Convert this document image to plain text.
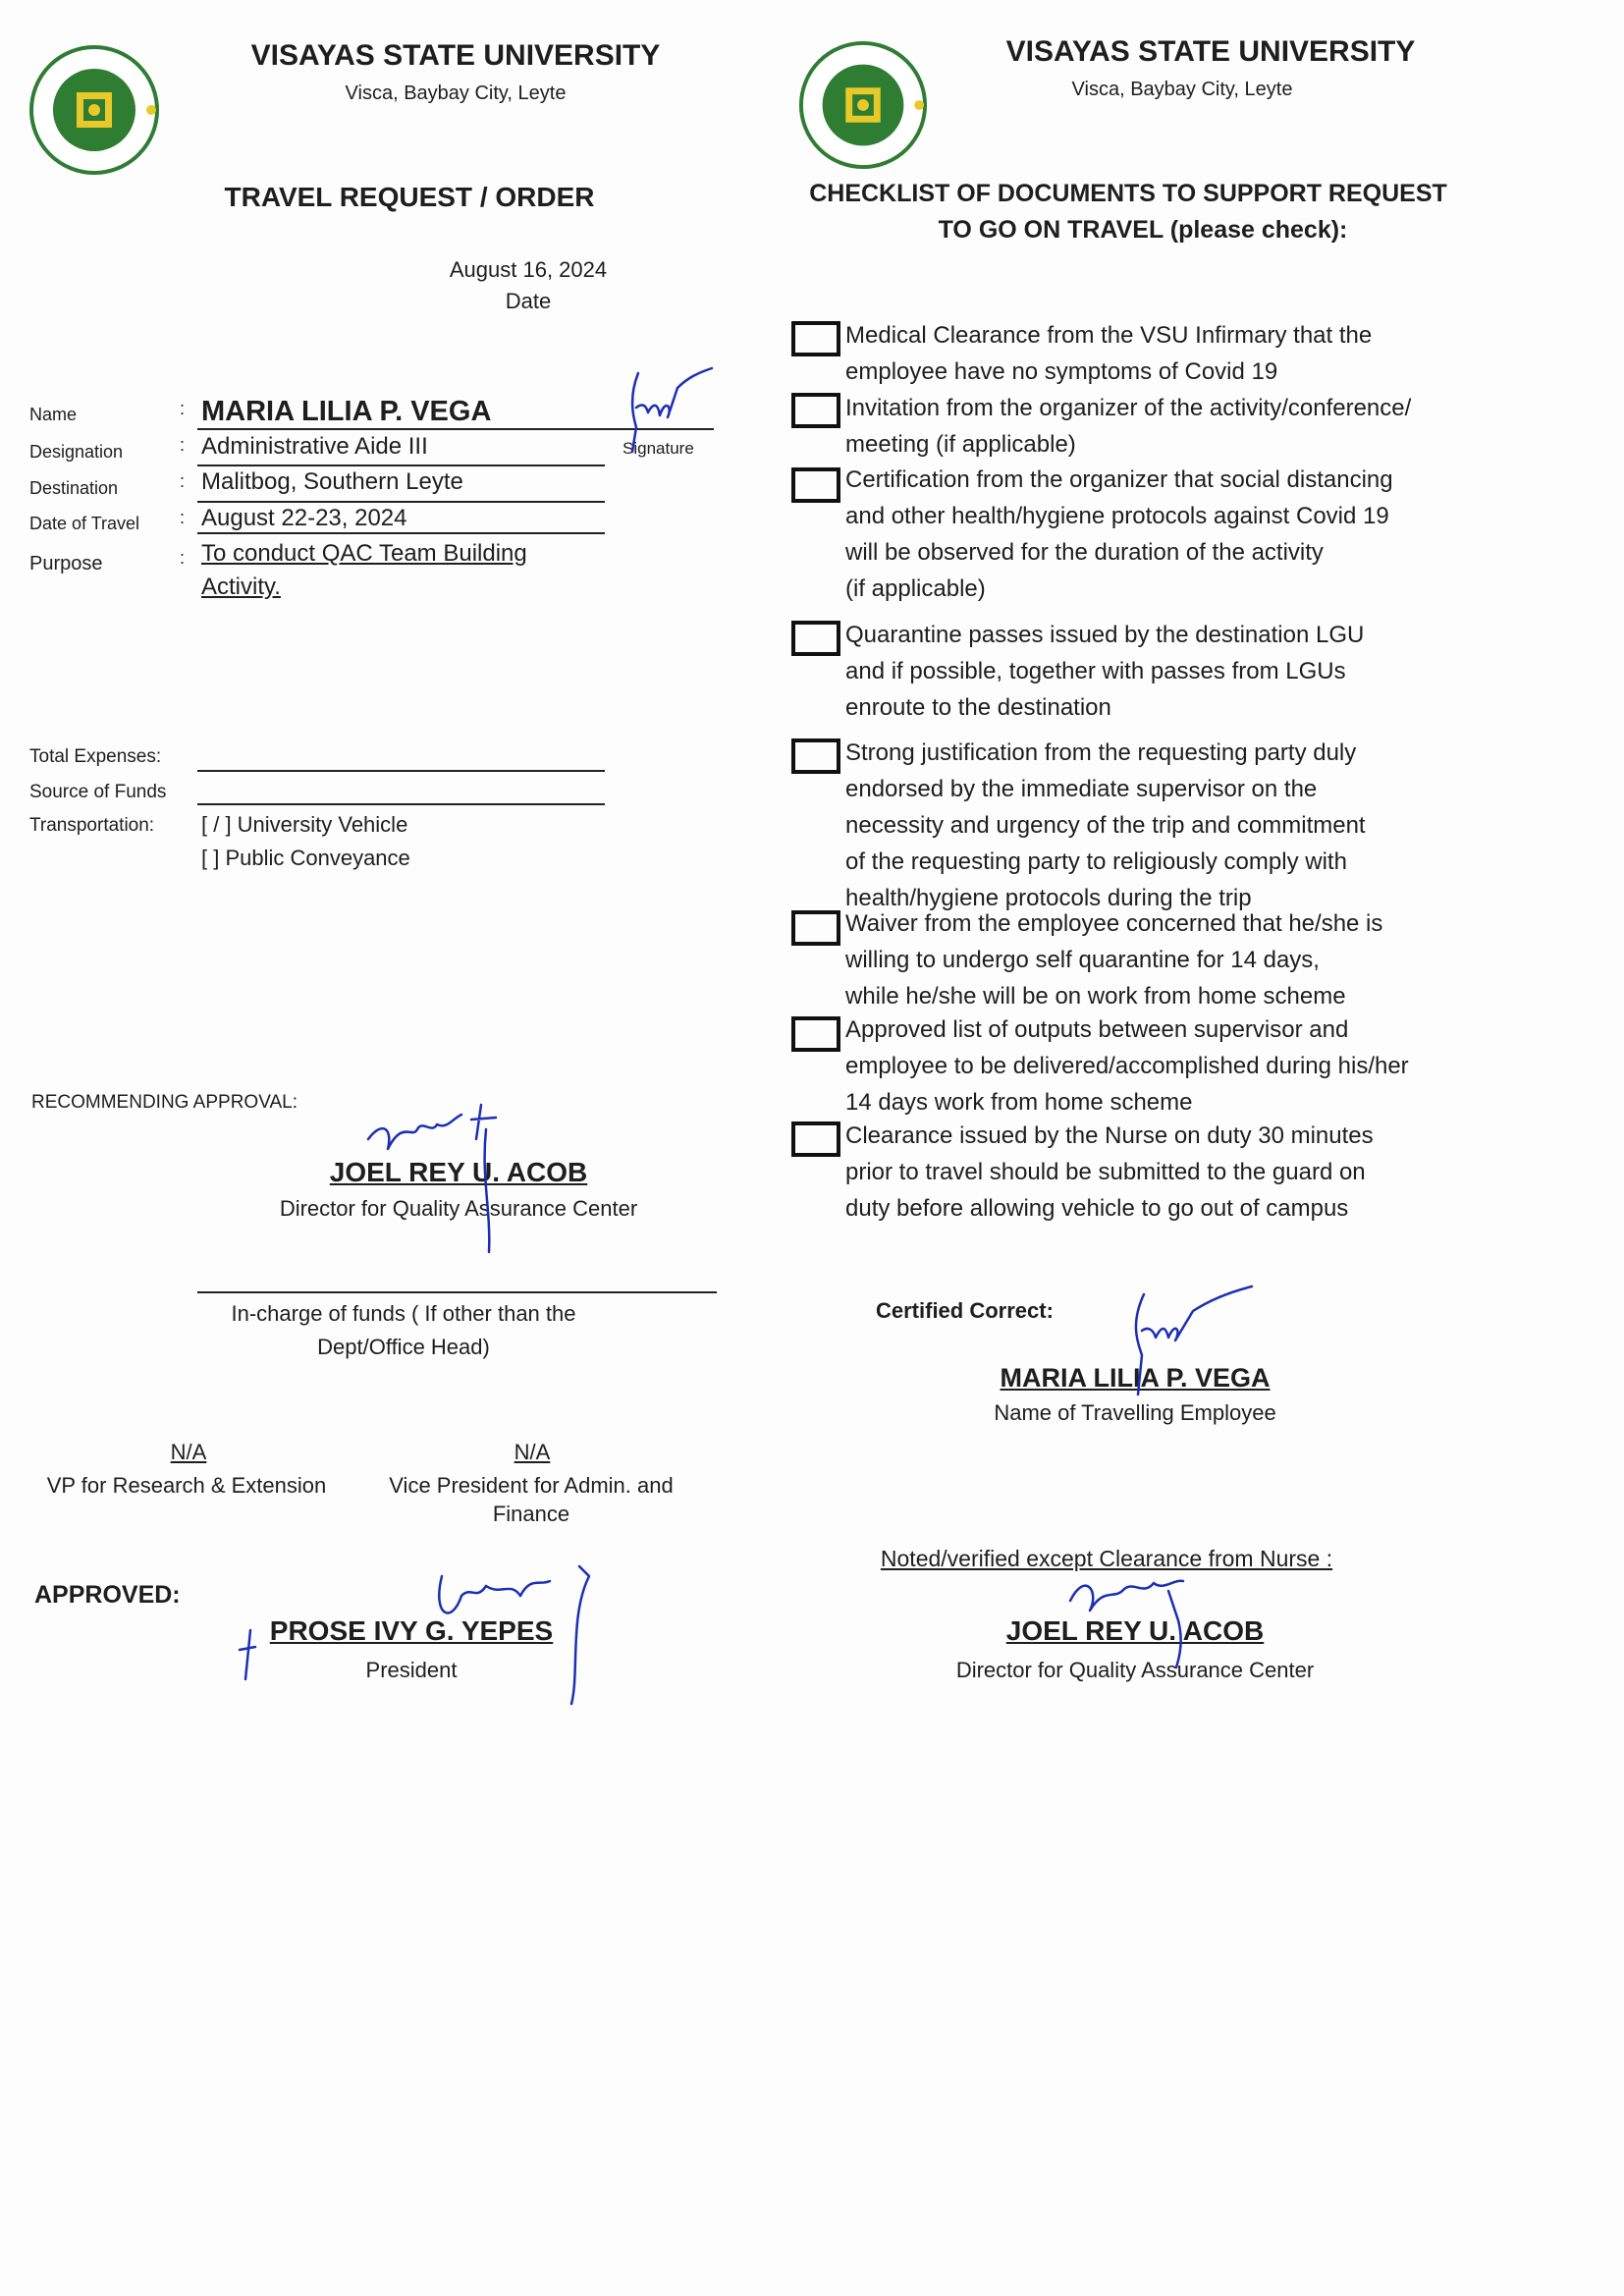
VISAYAS STATE UNIVERSITY
Visca, Baybay City, Leyte
TRAVEL REQUEST / ORDER
August 16, 2024
Date
Name	: MARIA LILIA P. VEGA
Signature
Designation	: Administrative Aide III
Destination	: Malitbog, Southern Leyte
Date of Travel : August 22-23, 2024
Purpose	: To conduct QAC Team Building
Activity.
Total Expenses:
Source of Funds
Transportation: [ / ] University Vehicle
[ ] Public Conveyance
RECOMMENDING APPROVAL:
JOEL REY U. ACOB
Director for Quality Assurance Center
In-charge of funds ( If other than the
Dept/Office Head)
N/A
VP for Research & Extension
N/A
Vice President for Admin. and
Finance
APPROVED:
PROSE IVY G. YEPES
President
VISAYAS STATE UNIVERSITY
Visca, Baybay City, Leyte
CHECKLIST OF DOCUMENTS TO SUPPORT REQUEST
TO GO ON TRAVEL (please check):
Medical Clearance from the VSU Infirmary that the
employee have no symptoms of Covid 19
Invitation from the organizer of the activity/conference/
meeting (if applicable)
Certification from the organizer that social distancing
and other health/hygiene protocols against Covid 19
will be observed for the duration of the activity
(if applicable)
Quarantine passes issued by the destination LGU
and if possible, together with passes from LGUs
enroute to the destination
Strong justification from the requesting party duly
endorsed by the immediate supervisor on the
necessity and urgency of the trip and commitment
of the requesting party to religiously comply with
health/hygiene protocols during the trip
Waiver from the employee concerned that he/she is
willing to undergo self quarantine for 14 days,
while he/she will be on work from home scheme
Approved list of outputs between supervisor and
employee to be delivered/accomplished during his/her
14 days work from home scheme
Clearance issued by the Nurse on duty 30 minutes
prior to travel should be submitted to the guard on
duty before allowing vehicle to go out of campus
Certified Correct:
MARIA LILIA P. VEGA
Name of Travelling Employee
Noted/verified except Clearance from Nurse :
JOEL REY U. ACOB
Director for Quality Assurance Center
